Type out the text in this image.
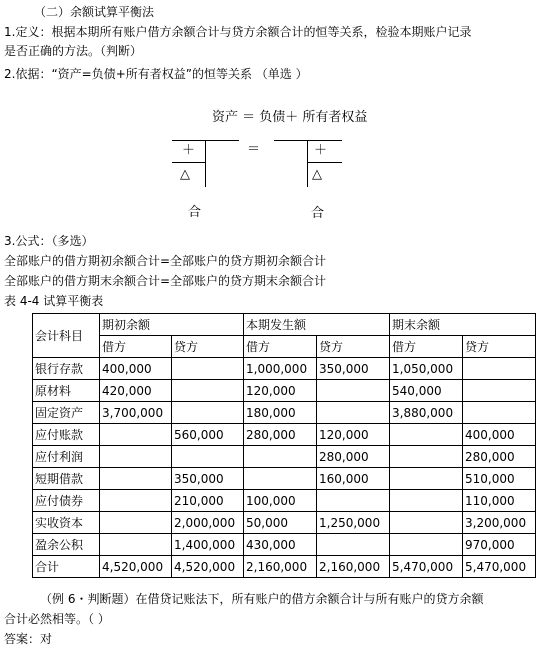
（二）余额试算平衡法
1.定义：根据本期所有账户借方余额合计与贷方余额合计的恒等关系，检验本期账户记录
是否正确的方法。（判断）
2.依据：“资产=负债+所有者权益”的恒等关系 （单选 ）
资产 ＝ 负债＋ 所有者权益
＋
△
＝	＋
△
合	合
3.公式：（多选）
全部账户的借方期初余额合计=全部账户的贷方期初余额合计
全部账户的借方期末余额合计=全部账户的贷方期末余额合计
表 4-4 试算平衡表
会计科目	期初余额		本期发生额		期末余额	
	借方	贷方	借方	贷方	借方	贷方
银行存款	400,000		1,000,000	350,000	1,050,000	
原材料	420,000		120,000		540,000	
固定资产	3,700,000		180,000		3,880,000	
应付账款		560,000	280,000	120,000		400,000
应付利润				280,000		280,000
短期借款		350,000		160,000		510,000
应付债券		210,000	100,000			110,000
实收资本		2,000,000	50,000	1,250,000		3,200,000
盈余公积		1,400,000	430,000			970,000
合计	4,520,000	4,520,000	2,160,000	2,160,000	5,470,000	5,470,000
（例 6・判断题）在借贷记账法下，所有账户的借方余额合计与所有账户的贷方余额
合计必然相等。（ ）
答案：对
